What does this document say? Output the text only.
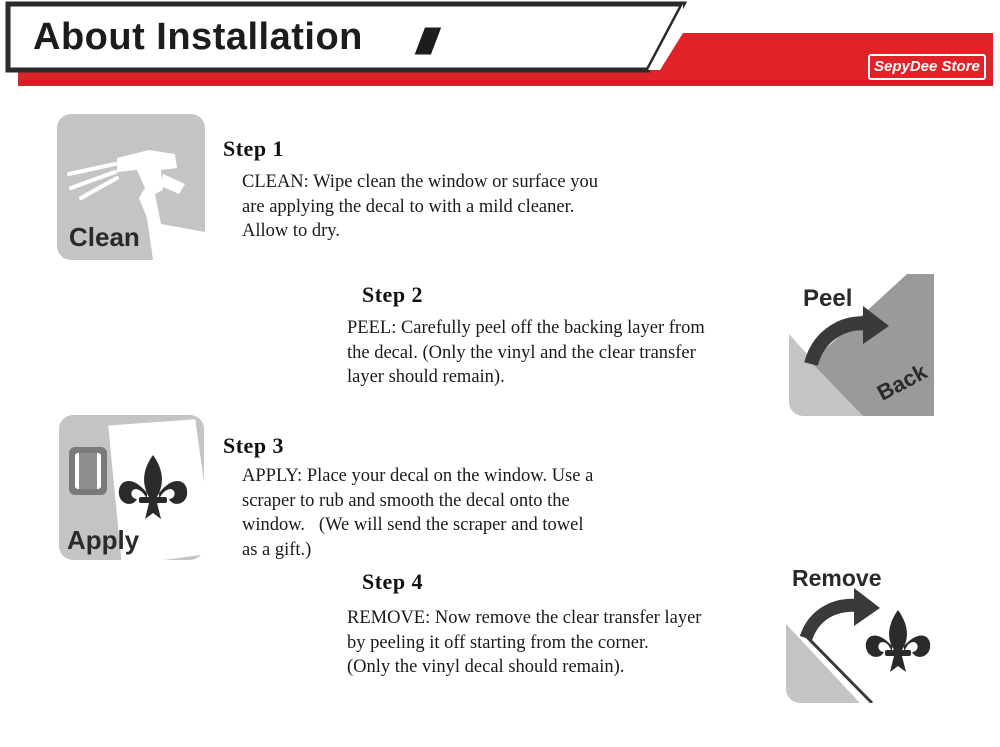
About Installation ////
SepyDee Store
Clean
Peel
Back
Apply
Remove
Step 1
CLEAN: Wipe clean the window or surface you
are applying the decal to with a mild cleaner.
Allow to dry.
Step 2
PEEL: Carefully peel off the backing layer from
the decal. (Only the vinyl and the clear transfer
layer should remain).
Step 3
APPLY: Place your decal on the window. Use a
scraper to rub and smooth the decal onto the
window.   (We will send the scraper and towel
as a gift.)
Step 4
REMOVE: Now remove the clear transfer layer
by peeling it off starting from the corner.
(Only the vinyl decal should remain).
